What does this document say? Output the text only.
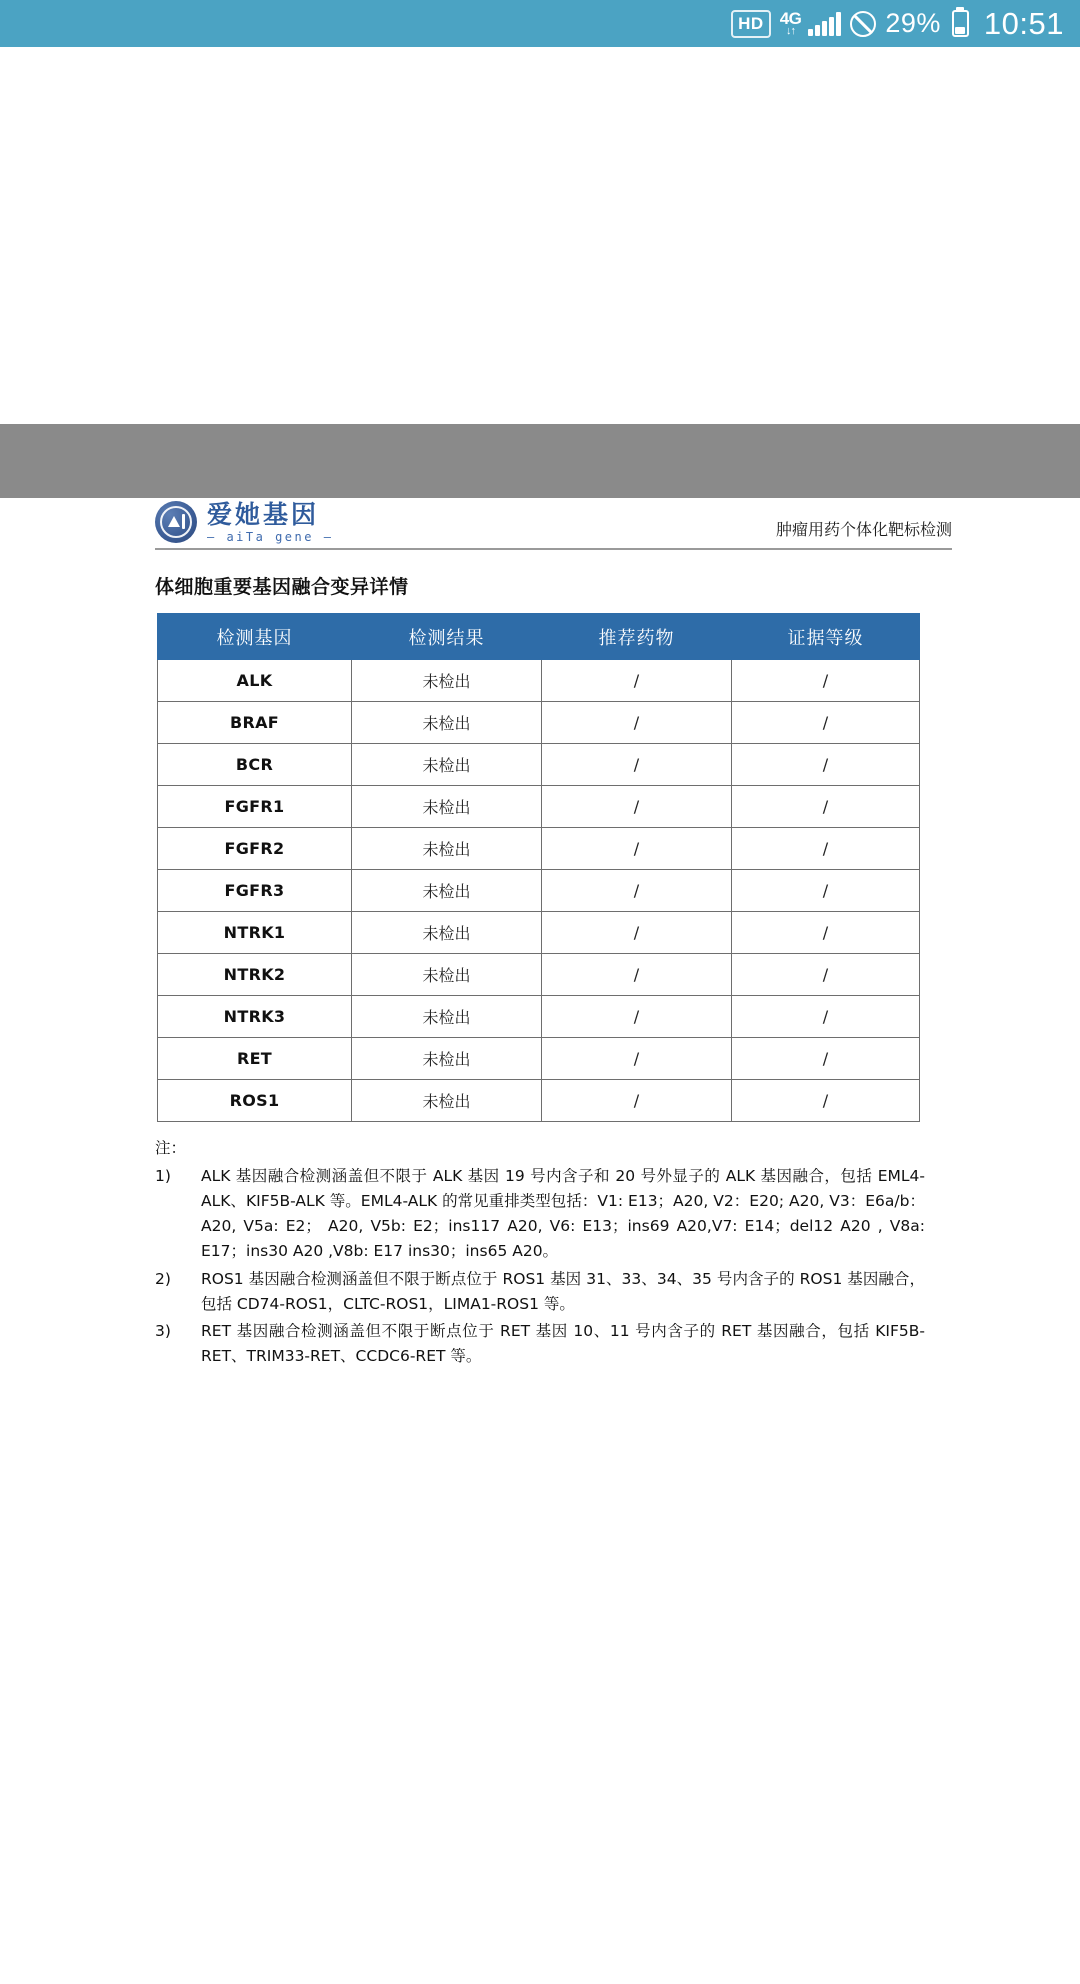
HD 4G
↓↑	29% 10:51
爱她基因
— aiTa gene —	肿瘤用药个体化靶标检测
体细胞重要基因融合变异详情
检测基因	检测结果	推荐药物	证据等级
ALK	未检出	/	/
BRAF	未检出	/	/
BCR	未检出	/	/
FGFR1	未检出	/	/
FGFR2	未检出	/	/
FGFR3	未检出	/	/
NTRK1	未检出	/	/
NTRK2	未检出	/	/
NTRK3	未检出	/	/
RET	未检出	/	/
ROS1	未检出	/	/
注：
1)	ALK 基因融合检测涵盖但不限于 ALK 基因 19 号内含子和 20 号外显子的 ALK 基因融合，包括 EML4-ALK、KIF5B-ALK 等。EML4-ALK 的常见重排类型包括：V1: E13；A20, V2：E20; A20, V3：E6a/b： A20, V5a: E2； A20, V5b: E2；ins117 A20, V6: E13；ins69 A20,V7: E14；del12 A20 , V8a: E17；ins30 A20 ,V8b: E17 ins30；ins65 A20。
2)	ROS1 基因融合检测涵盖但不限于断点位于 ROS1 基因 31、33、34、35 号内含子的 ROS1 基因融合，包括 CD74-ROS1，CLTC-ROS1，LIMA1-ROS1 等。
3)	RET 基因融合检测涵盖但不限于断点位于 RET 基因 10、11 号内含子的 RET 基因融合，包括 KIF5B-RET、TRIM33-RET、CCDC6-RET 等。
